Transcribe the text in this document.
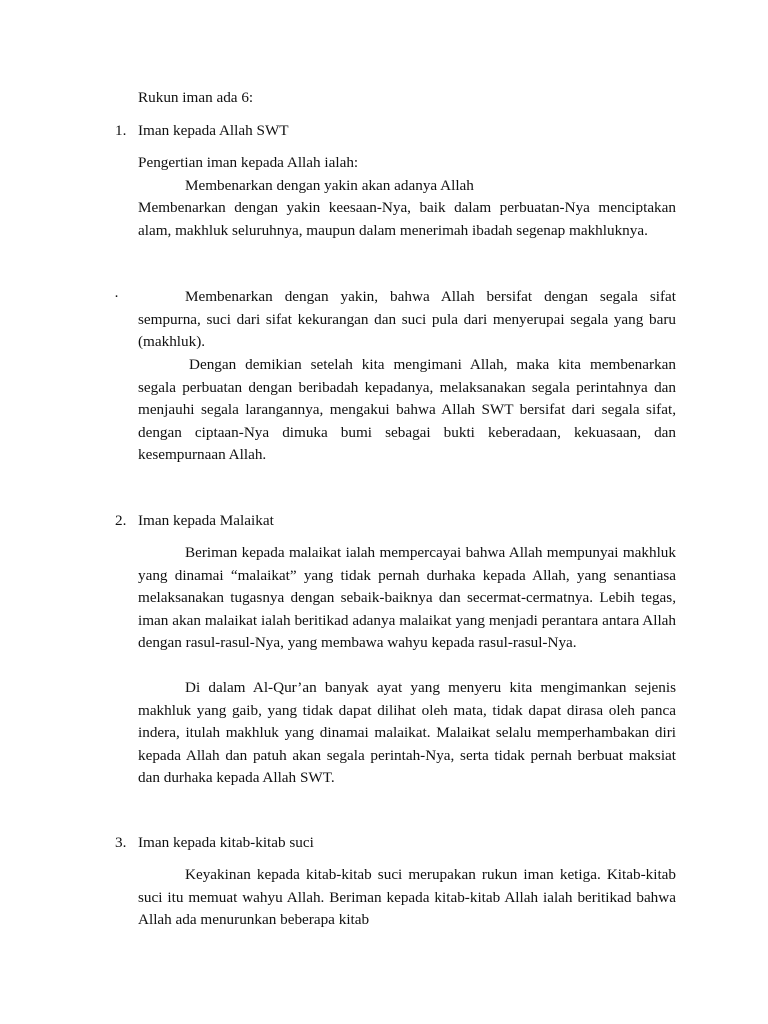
Rukun iman ada 6:

1. Iman kepada Allah SWT

Pengertian iman kepada Allah ialah:

Membenarkan dengan yakin akan adanya Allah

Membenarkan dengan yakin keesaan-Nya, baik dalam perbuatan-Nya menciptakan alam, makhluk seluruhnya, maupun dalam menerimah ibadah segenap makhluknya.

·	Membenarkan dengan yakin, bahwa Allah bersifat dengan segala sifat sempurna, suci dari sifat kekurangan dan suci pula dari menyerupai segala yang baru (makhluk).

Dengan demikian setelah kita mengimani Allah, maka kita membenarkan segala perbuatan dengan beribadah kepadanya, melaksanakan segala perintahnya dan menjauhi segala larangannya, mengakui bahwa Allah SWT bersifat dari segala sifat, dengan ciptaan-Nya dimuka bumi sebagai bukti keberadaan, kekuasaan, dan kesempurnaan Allah.

2. Iman kepada Malaikat

Beriman kepada malaikat ialah mempercayai bahwa Allah mempunyai makhluk yang dinamai “malaikat” yang tidak pernah durhaka kepada Allah, yang senantiasa melaksanakan tugasnya dengan sebaik-baiknya dan secermat-cermatnya. Lebih tegas, iman akan malaikat ialah beritikad adanya malaikat yang menjadi perantara antara Allah dengan rasul-rasul-Nya, yang membawa wahyu kepada rasul-rasul-Nya.

Di dalam Al-Qur’an banyak ayat yang menyeru kita mengimankan sejenis makhluk yang gaib, yang tidak dapat dilihat oleh mata, tidak dapat dirasa oleh panca indera, itulah makhluk yang dinamai malaikat. Malaikat selalu memperhambakan diri kepada Allah dan patuh akan segala perintah-Nya, serta tidak pernah berbuat maksiat dan durhaka kepada Allah SWT.

3. Iman kepada kitab-kitab suci

Keyakinan kepada kitab-kitab suci merupakan rukun iman ketiga. Kitab-kitab suci itu memuat wahyu Allah. Beriman kepada kitab-kitab Allah ialah beritikad bahwa Allah ada menurunkan beberapa kitab
